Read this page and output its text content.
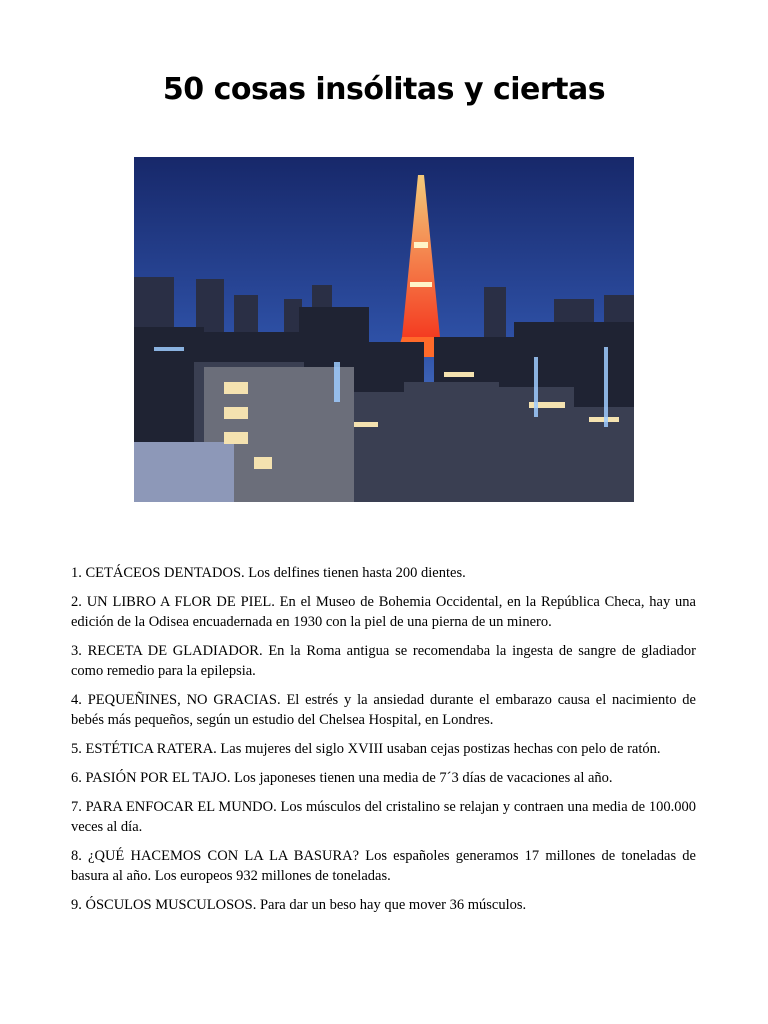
50 cosas insólitas y ciertas

1. CETÁCEOS DENTADOS. Los delfines tienen hasta 200 dientes.

2. UN LIBRO A FLOR DE PIEL. En el Museo de Bohemia Occidental, en la República Checa, hay una edición de la Odisea encuadernada en 1930 con la piel de una pierna de un minero.

3. RECETA DE GLADIADOR. En la Roma antigua se recomendaba la ingesta de sangre de gladiador como remedio para la epilepsia.

4. PEQUEÑINES, NO GRACIAS. El estrés y la ansiedad durante el embarazo causa el nacimiento de bebés más pequeños, según un estudio del Chelsea Hospital, en Londres.

5. ESTÉTICA RATERA. Las mujeres del siglo XVIII usaban cejas postizas hechas con pelo de ratón.

6. PASIÓN POR EL TAJO. Los japoneses tienen una media de 7´3 días de vacaciones al año.

7. PARA ENFOCAR EL MUNDO. Los músculos del cristalino se relajan y contraen una media de 100.000 veces al día.

8. ¿QUÉ HACEMOS CON LA LA BASURA? Los españoles generamos 17 millones de toneladas de basura al año. Los europeos 932 millones de toneladas.

9. ÓSCULOS MUSCULOSOS. Para dar un beso hay que mover 36 músculos.
